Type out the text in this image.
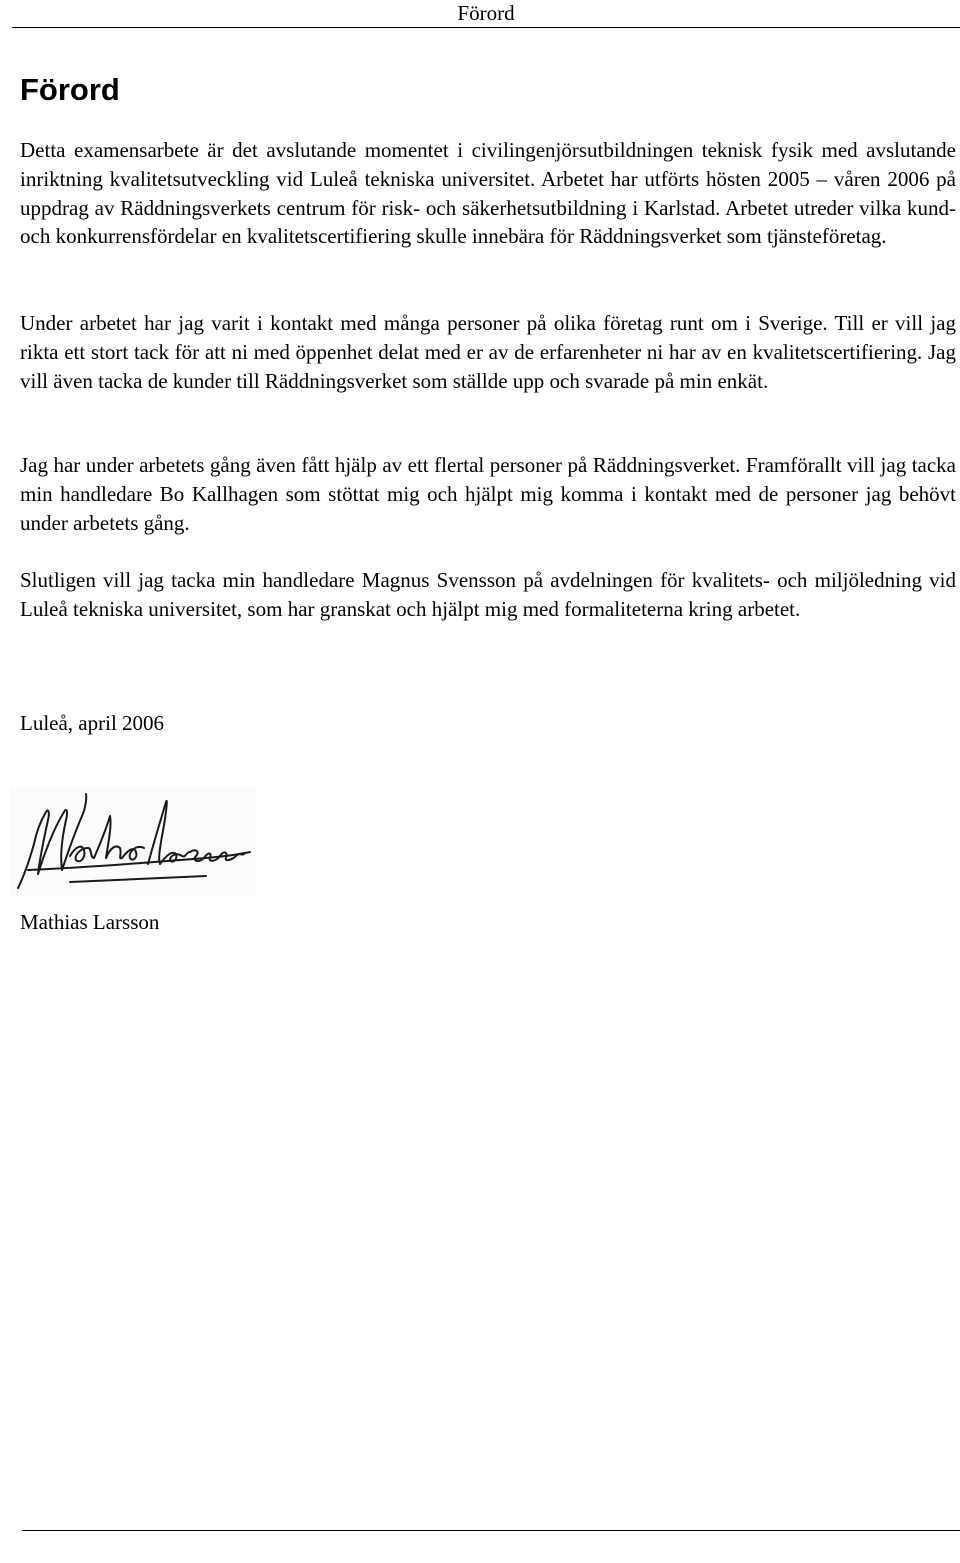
Förord
Förord

Detta examensarbete är det avslutande momentet i civilingenjörsutbildningen teknisk fysik med avslutande inriktning kvalitetsutveckling vid Luleå tekniska universitet. Arbetet har utförts hösten 2005 – våren 2006 på uppdrag av Räddningsverkets centrum för risk- och säkerhetsutbildning i Karlstad. Arbetet utreder vilka kund- och konkurrensfördelar en kvalitetscertifiering skulle innebära för Räddningsverket som tjänsteföretag.

Under arbetet har jag varit i kontakt med många personer på olika företag runt om i Sverige. Till er vill jag rikta ett stort tack för att ni med öppenhet delat med er av de erfarenheter ni har av en kvalitetscertifiering. Jag vill även tacka de kunder till Räddningsverket som ställde upp och svarade på min enkät.

Jag har under arbetets gång även fått hjälp av ett flertal personer på Räddningsverket. Framförallt vill jag tacka min handledare Bo Kallhagen som stöttat mig och hjälpt mig komma i kontakt med de personer jag behövt under arbetets gång.

Slutligen vill jag tacka min handledare Magnus Svensson på avdelningen för kvalitets- och miljöledning vid Luleå tekniska universitet, som har granskat och hjälpt mig med formaliteterna kring arbetet.

Luleå, april 2006

Mathias Larsson
